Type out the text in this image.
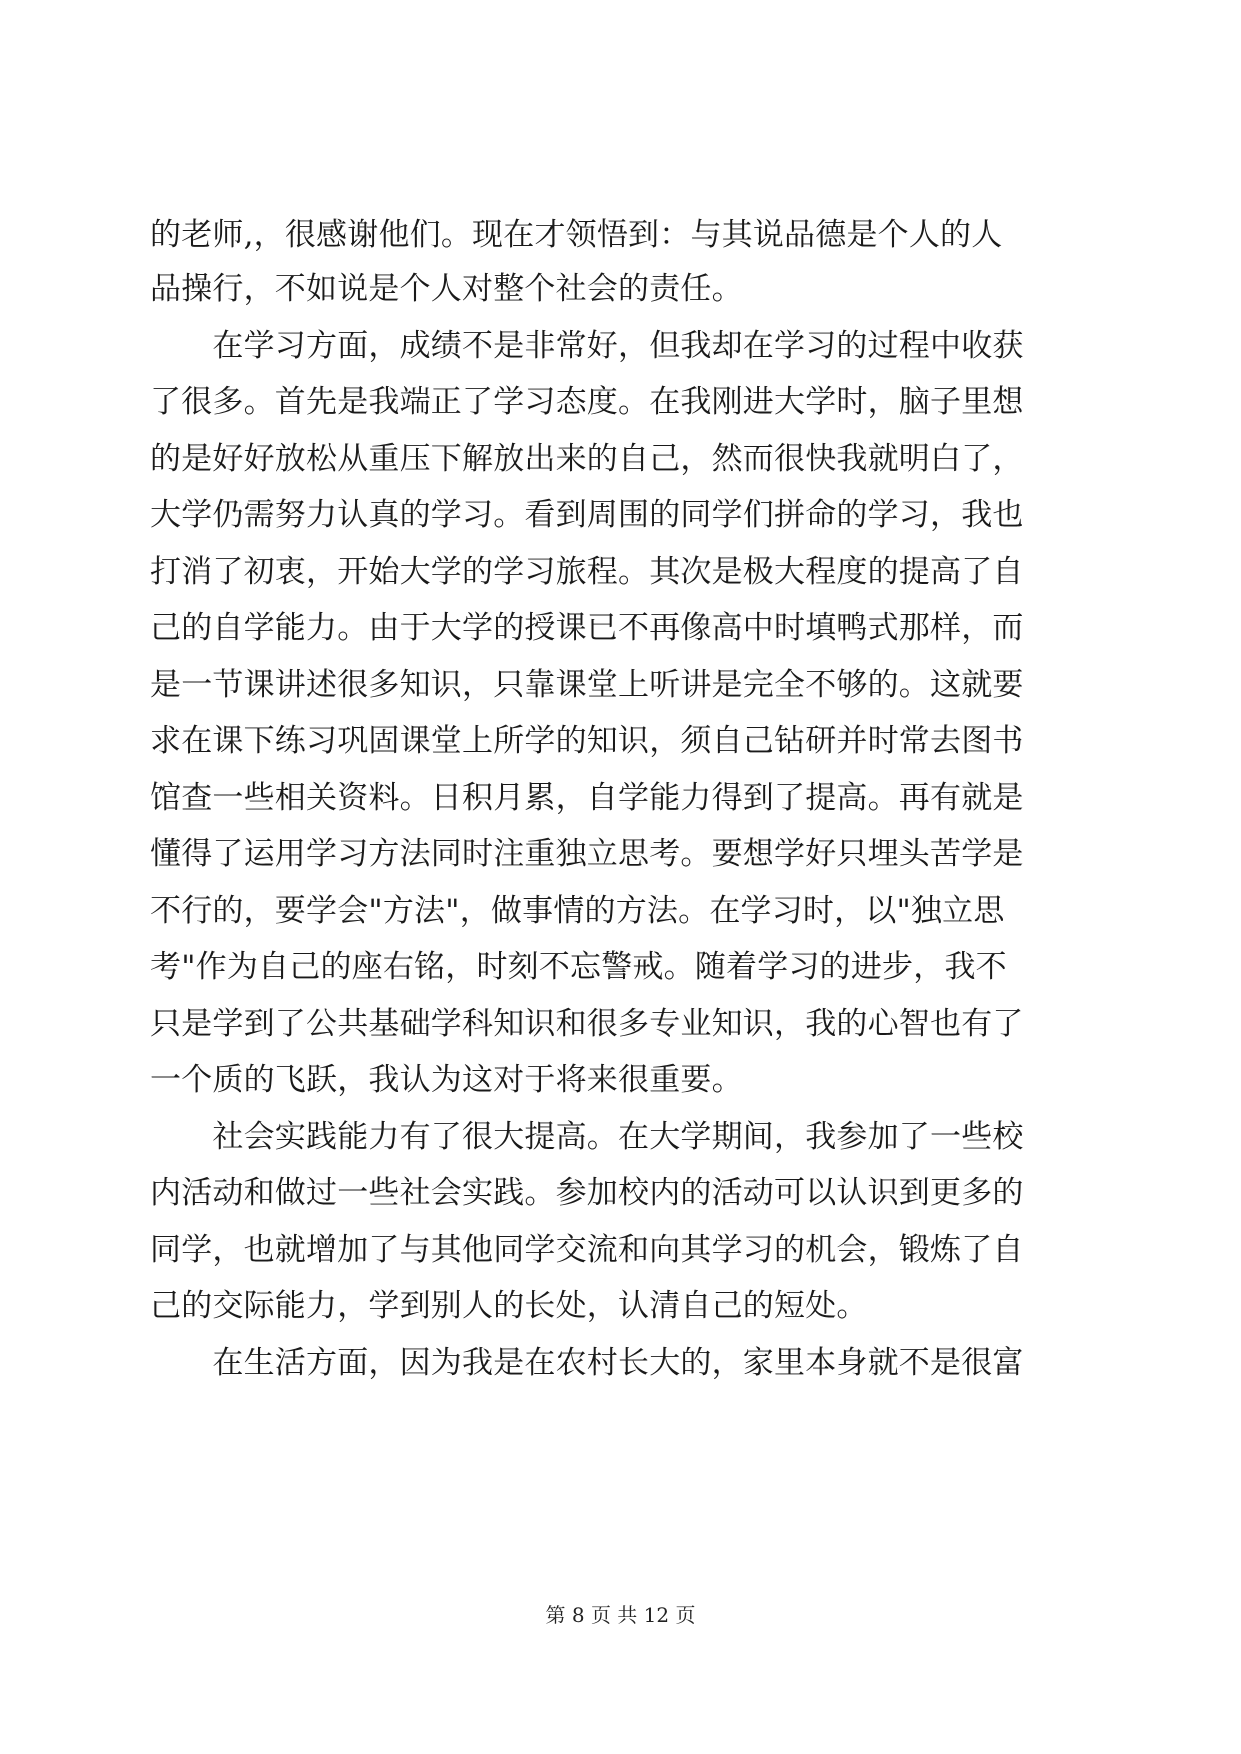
的老师,，很感谢他们。现在才领悟到：与其说品德是个人的人
品操行，不如说是个人对整个社会的责任。
　　在学习方面，成绩不是非常好，但我却在学习的过程中收获
了很多。首先是我端正了学习态度。在我刚进大学时，脑子里想
的是好好放松从重压下解放出来的自己，然而很快我就明白了，
大学仍需努力认真的学习。看到周围的同学们拼命的学习，我也
打消了初衷，开始大学的学习旅程。其次是极大程度的提高了自
己的自学能力。由于大学的授课已不再像高中时填鸭式那样，而
是一节课讲述很多知识，只靠课堂上听讲是完全不够的。这就要
求在课下练习巩固课堂上所学的知识，须自己钻研并时常去图书
馆查一些相关资料。日积月累，自学能力得到了提高。再有就是
懂得了运用学习方法同时注重独立思考。要想学好只埋头苦学是
不行的，要学会"方法"，做事情的方法。在学习时，以"独立思
考"作为自己的座右铭，时刻不忘警戒。随着学习的进步，我不
只是学到了公共基础学科知识和很多专业知识，我的心智也有了
一个质的飞跃，我认为这对于将来很重要。
　　社会实践能力有了很大提高。在大学期间，我参加了一些校
内活动和做过一些社会实践。参加校内的活动可以认识到更多的
同学，也就增加了与其他同学交流和向其学习的机会，锻炼了自
己的交际能力，学到别人的长处，认清自己的短处。
　　在生活方面，因为我是在农村长大的，家里本身就不是很富
第 8 页 共 12 页
